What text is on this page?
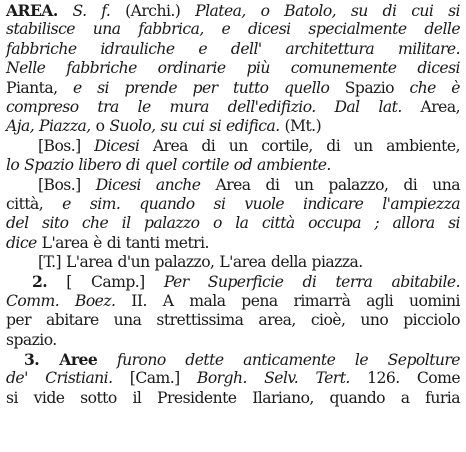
AREA. S. f. (Archi.) Platea, o Batolo, su di cui si
stabilisce una fabbrica, e dicesi specialmente delle
fabbriche idrauliche e dell' architettura militare.
Nelle fabbriche ordinarie più comunemente dicesi
Pianta, e si prende per tutto quello Spazio che è
compreso tra le mura dell'edifizio. Dal lat. Area,
Aja, Piazza, o Suolo, su cui si edifica. (Mt.)
[Bos.] Dicesi Area di un cortile, di un ambiente,
lo Spazio libero di quel cortile od ambiente.
[Bos.] Dicesi anche Area di un palazzo, di una
città, e sim. quando si vuole indicare l'ampiezza
del sito che il palazzo o la città occupa ; allora si
dice L'area è di tanti metri.
[T.] L'area d'un palazzo, L'area della piazza.
2. [ Camp.] Per Superficie di terra abitabile.
Comm. Boez. II. A mala pena rimarrà agli uomini
per abitare una strettissima area, cioè, uno picciolo
spazio.
3. Aree furono dette anticamente le Sepolture
de' Cristiani. [Cam.] Borgh. Selv. Tert. 126. Come
si vide sotto il Presidente Ilariano, quando a furia
